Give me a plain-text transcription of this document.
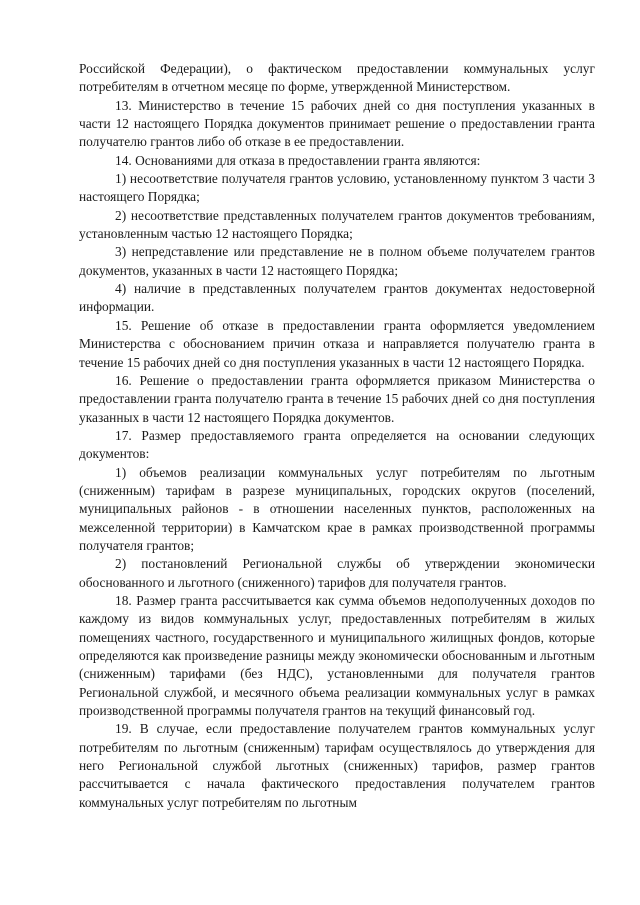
Российской Федерации), о фактическом предоставлении коммунальных услуг потребителям в отчетном месяце по форме, утвержденной Министерством.

13. Министерство в течение 15 рабочих дней со дня поступления указанных в части 12 настоящего Порядка документов принимает решение о предоставлении гранта получателю грантов либо об отказе в ее предоставлении.

14. Основаниями для отказа в предоставлении гранта являются:

1) несоответствие получателя грантов условию, установленному пунктом 3 части 3 настоящего Порядка;

2) несоответствие представленных получателем грантов документов требованиям, установленным частью 12 настоящего Порядка;

3) непредставление или представление не в полном объеме получателем грантов документов, указанных в части 12 настоящего Порядка;

4) наличие в представленных получателем грантов документах недостоверной информации.

15. Решение об отказе в предоставлении гранта оформляется уведомлением Министерства с обоснованием причин отказа и направляется получателю гранта в течение 15 рабочих дней со дня поступления указанных в части 12 настоящего Порядка.

16. Решение о предоставлении гранта оформляется приказом Министерства о предоставлении гранта получателю гранта в течение 15 рабочих дней со дня поступления указанных в части 12 настоящего Порядка документов.

17. Размер предоставляемого гранта определяется на основании следующих документов:

1) объемов реализации коммунальных услуг потребителям по льготным (сниженным) тарифам в разрезе муниципальных, городских округов (поселений, муниципальных районов - в отношении населенных пунктов, расположенных на межселенной территории) в Камчатском крае в рамках производственной программы получателя грантов;

2) постановлений Региональной службы об утверждении экономически обоснованного и льготного (сниженного) тарифов для получателя грантов.

18. Размер гранта рассчитывается как сумма объемов недополученных доходов по каждому из видов коммунальных услуг, предоставленных потребителям в жилых помещениях частного, государственного и муниципального жилищных фондов, которые определяются как произведение разницы между экономически обоснованным и льготным (сниженным) тарифами (без НДС), установленными для получателя грантов Региональной службой, и месячного объема реализации коммунальных услуг в рамках производственной программы получателя грантов на текущий финансовый год.

19. В случае, если предоставление получателем грантов коммунальных услуг потребителям по льготным (сниженным) тарифам осуществлялось до утверждения для него Региональной службой льготных (сниженных) тарифов, размер грантов рассчитывается с начала фактического предоставления получателем грантов коммунальных услуг потребителям по льготным
